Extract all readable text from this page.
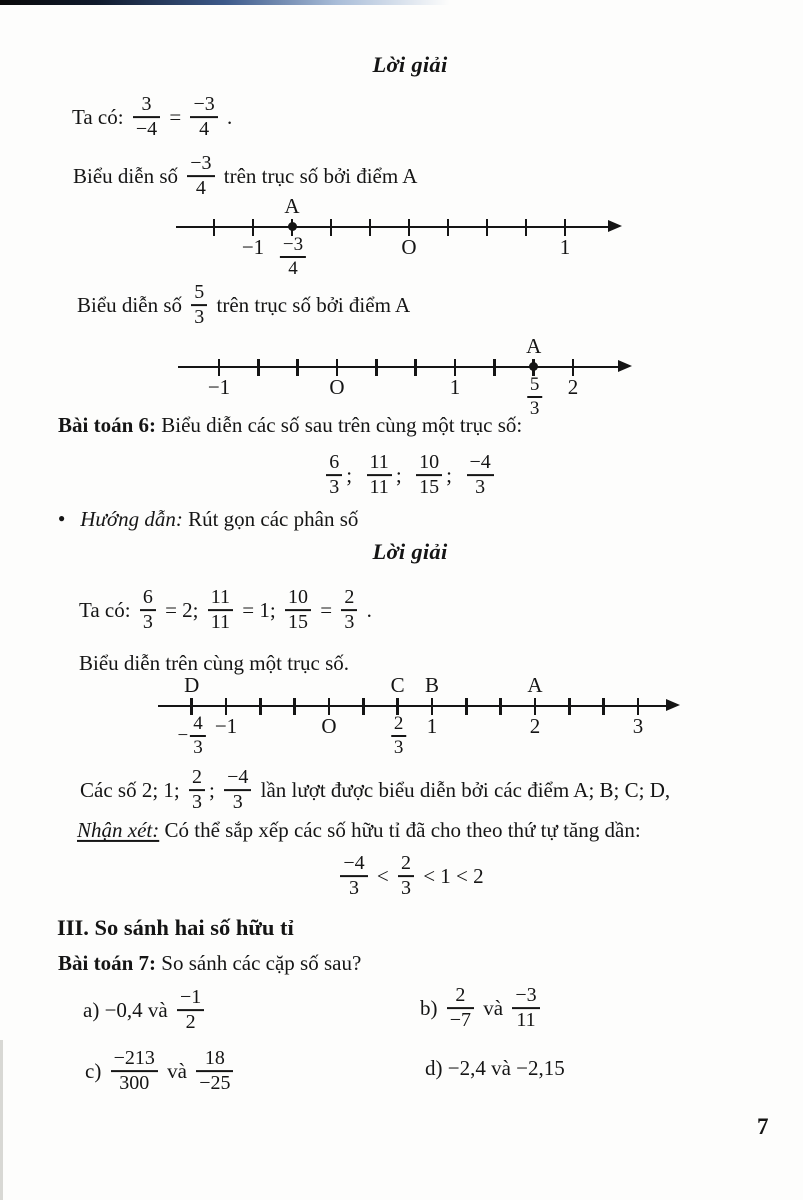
Lời giải
Ta có: $\frac{3}{-4} = \frac{-3}{4}$ .
Biểu diễn số $\frac{-3}{4}$ trên trục số bởi điểm A
Biểu diễn số $\frac{5}{3}$ trên trục số bởi điểm A
Bài toán 6: Biểu diễn các số sau trên cùng một trục số:
$\frac{6}{3}$ ; $\frac{11}{11}$ ; $\frac{10}{15}$ ; $\frac{-4}{3}$
● Hướng dẫn: Rút gọn các phân số
Lời giải
Ta có: $\frac{6}{3} = 2$; $\frac{11}{11} = 1$; $\frac{10}{15} = \frac{2}{3}$ .
Biểu diễn trên cùng một trục số.
Các số 2; 1; $\frac{2}{3}$ ; $\frac{-4}{3}$ lần lượt được biểu diễn bởi các điểm A; B; C; D,
Nhận xét: Có thể sắp xếp các số hữu tỉ đã cho theo thứ tự tăng dần:
$\frac{-4}{3} < \frac{2}{3} < 1 < 2$
III. So sánh hai số hữu tỉ
Bài toán 7: So sánh các cặp số sau?
a) −0,4 và $\frac{-1}{2}$	$b) \frac{2}{-7}$ và $\frac{-3}{11}$
$c) \frac{-213}{300}$ và $\frac{18}{-25}$	d) −2,4 và −2,15
A
$-1 \frac{-3}{4}$	O	1
A
−1	O	1	$\frac{5}{3} 2$
D	C B	A
− $\frac{4}{3} -1$	O	$\frac{2}{3} 1$	2	3
7
